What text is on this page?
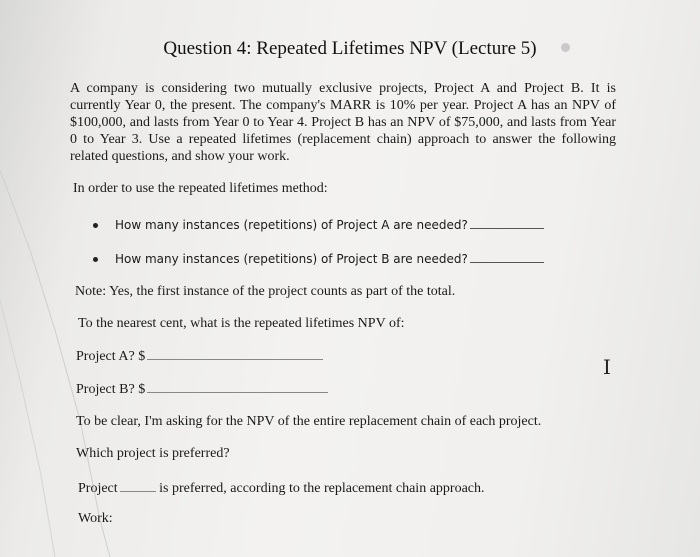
Question 4: Repeated Lifetimes NPV (Lecture 5)
A company is considering two mutually exclusive projects, Project A and Project B. It is currently Year 0, the present. The company's MARR is 10% per year. Project A has an NPV of $100,000, and lasts from Year 0 to Year 4. Project B has an NPV of $75,000, and lasts from Year 0 to Year 3. Use a repeated lifetimes (replacement chain) approach to answer the following related questions, and show your work.
In order to use the repeated lifetimes method:
How many instances (repetitions) of Project A are needed?
How many instances (repetitions) of Project B are needed?
Note: Yes, the first instance of the project counts as part of the total.
To the nearest cent, what is the repeated lifetimes NPV of:
Project A? $
Project B? $
To be clear, I'm asking for the NPV of the entire replacement chain of each project.
Which project is preferred?
Project	is preferred, according to the replacement chain approach.
Work:
I
